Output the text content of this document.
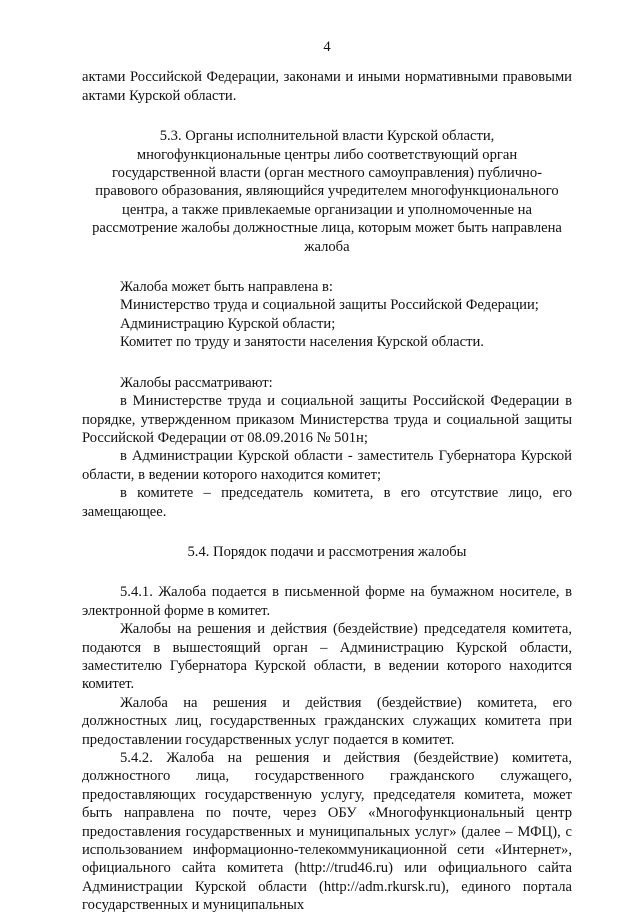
4

актами Российской Федерации, законами и иными нормативными правовыми актами Курской области.

5.3. Органы исполнительной власти Курской области, многофункциональные центры либо соответствующий орган государственной власти (орган местного самоуправления) публично-правового образования, являющийся учредителем многофункционального центра, а также привлекаемые организации и уполномоченные на рассмотрение жалобы должностные лица, которым может быть направлена жалоба

Жалоба может быть направлена в:

Министерство труда и социальной защиты Российской Федерации;

Администрацию Курской области;

Комитет по труду и занятости населения Курской области.

Жалобы рассматривают:

в Министерстве труда и социальной защиты Российской Федерации в порядке, утвержденном приказом Министерства труда и социальной защиты Российской Федерации от 08.09.2016 № 501н;

в Администрации Курской области - заместитель Губернатора Курской области, в ведении которого находится комитет;

в комитете – председатель комитета, в его отсутствие лицо, его замещающее.

5.4. Порядок подачи и рассмотрения жалобы

5.4.1. Жалоба подается в письменной форме на бумажном носителе, в электронной форме в комитет.

Жалобы на решения и действия (бездействие) председателя комитета, подаются в вышестоящий орган – Администрацию Курской области, заместителю Губернатора Курской области, в ведении которого находится комитет.

Жалоба на решения и действия (бездействие) комитета, его должностных лиц, государственных гражданских служащих комитета при предоставлении государственных услуг подается в комитет.

5.4.2. Жалоба на решения и действия (бездействие) комитета, должностного лица, государственного гражданского служащего, предоставляющих государственную услугу, председателя комитета, может быть направлена по почте, через ОБУ «Многофункциональный центр предоставления государственных и муниципальных услуг» (далее – МФЦ), с использованием информационно-телекоммуникационной сети «Интернет», официального сайта комитета (http://trud46.ru) или официального сайта Администрации Курской области (http://adm.rkursk.ru), единого портала государственных и муниципальных
